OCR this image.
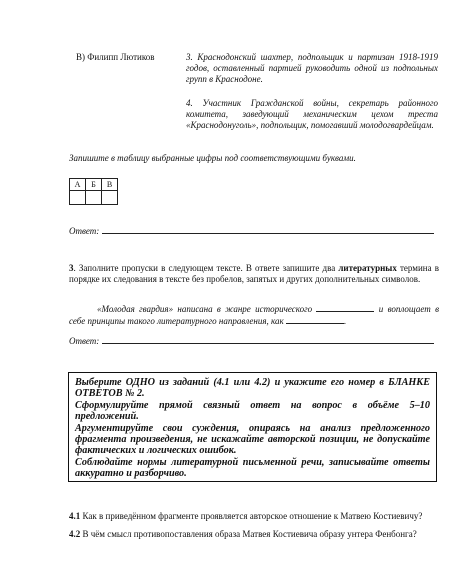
В) Филипп Лютиков	3. Краснодонский шахтер, подпольщик и партизан 1918-1919 годов, оставленный партией руководить одной из подпольных групп в Краснодоне.
4. Участник Гражданской войны, секретарь районного комитета, заведующий механическим цехом треста «Краснодонуголь», подпольщик, помогавший молодогвардейцам.
Запишите в таблицу выбранные цифры под соответствующими буквами.
А	Б	В

Ответ:
3. Заполните пропуски в следующем тексте. В ответе запишите два литературных термина в порядке их следования в тексте без пробелов, запятых и других дополнительных символов.
«Молодая гвардия» написана в жанре исторического	и воплощает в себе принципы такого литературного направления, как	.
Ответ:

Выберите ОДНО из заданий (4.1 или 4.2) и укажите его номер в БЛАНКЕ ОТВЕТОВ № 2.

Сформулируйте прямой связный ответ на вопрос в объёме 5–10 предложений.

Аргументируйте свои суждения, опираясь на анализ предложенного фрагмента произведения, не искажайте авторской позиции, не допускайте фактических и логических ошибок.

Соблюдайте нормы литературной письменной речи, записывайте ответы аккуратно и разборчиво.

4.1 Как в приведённом фрагменте проявляется авторское отношение к Матвею Костиевичу?
4.2 В чём смысл противопоставления образа Матвея Костиевича образу унтера Фенбонга?
